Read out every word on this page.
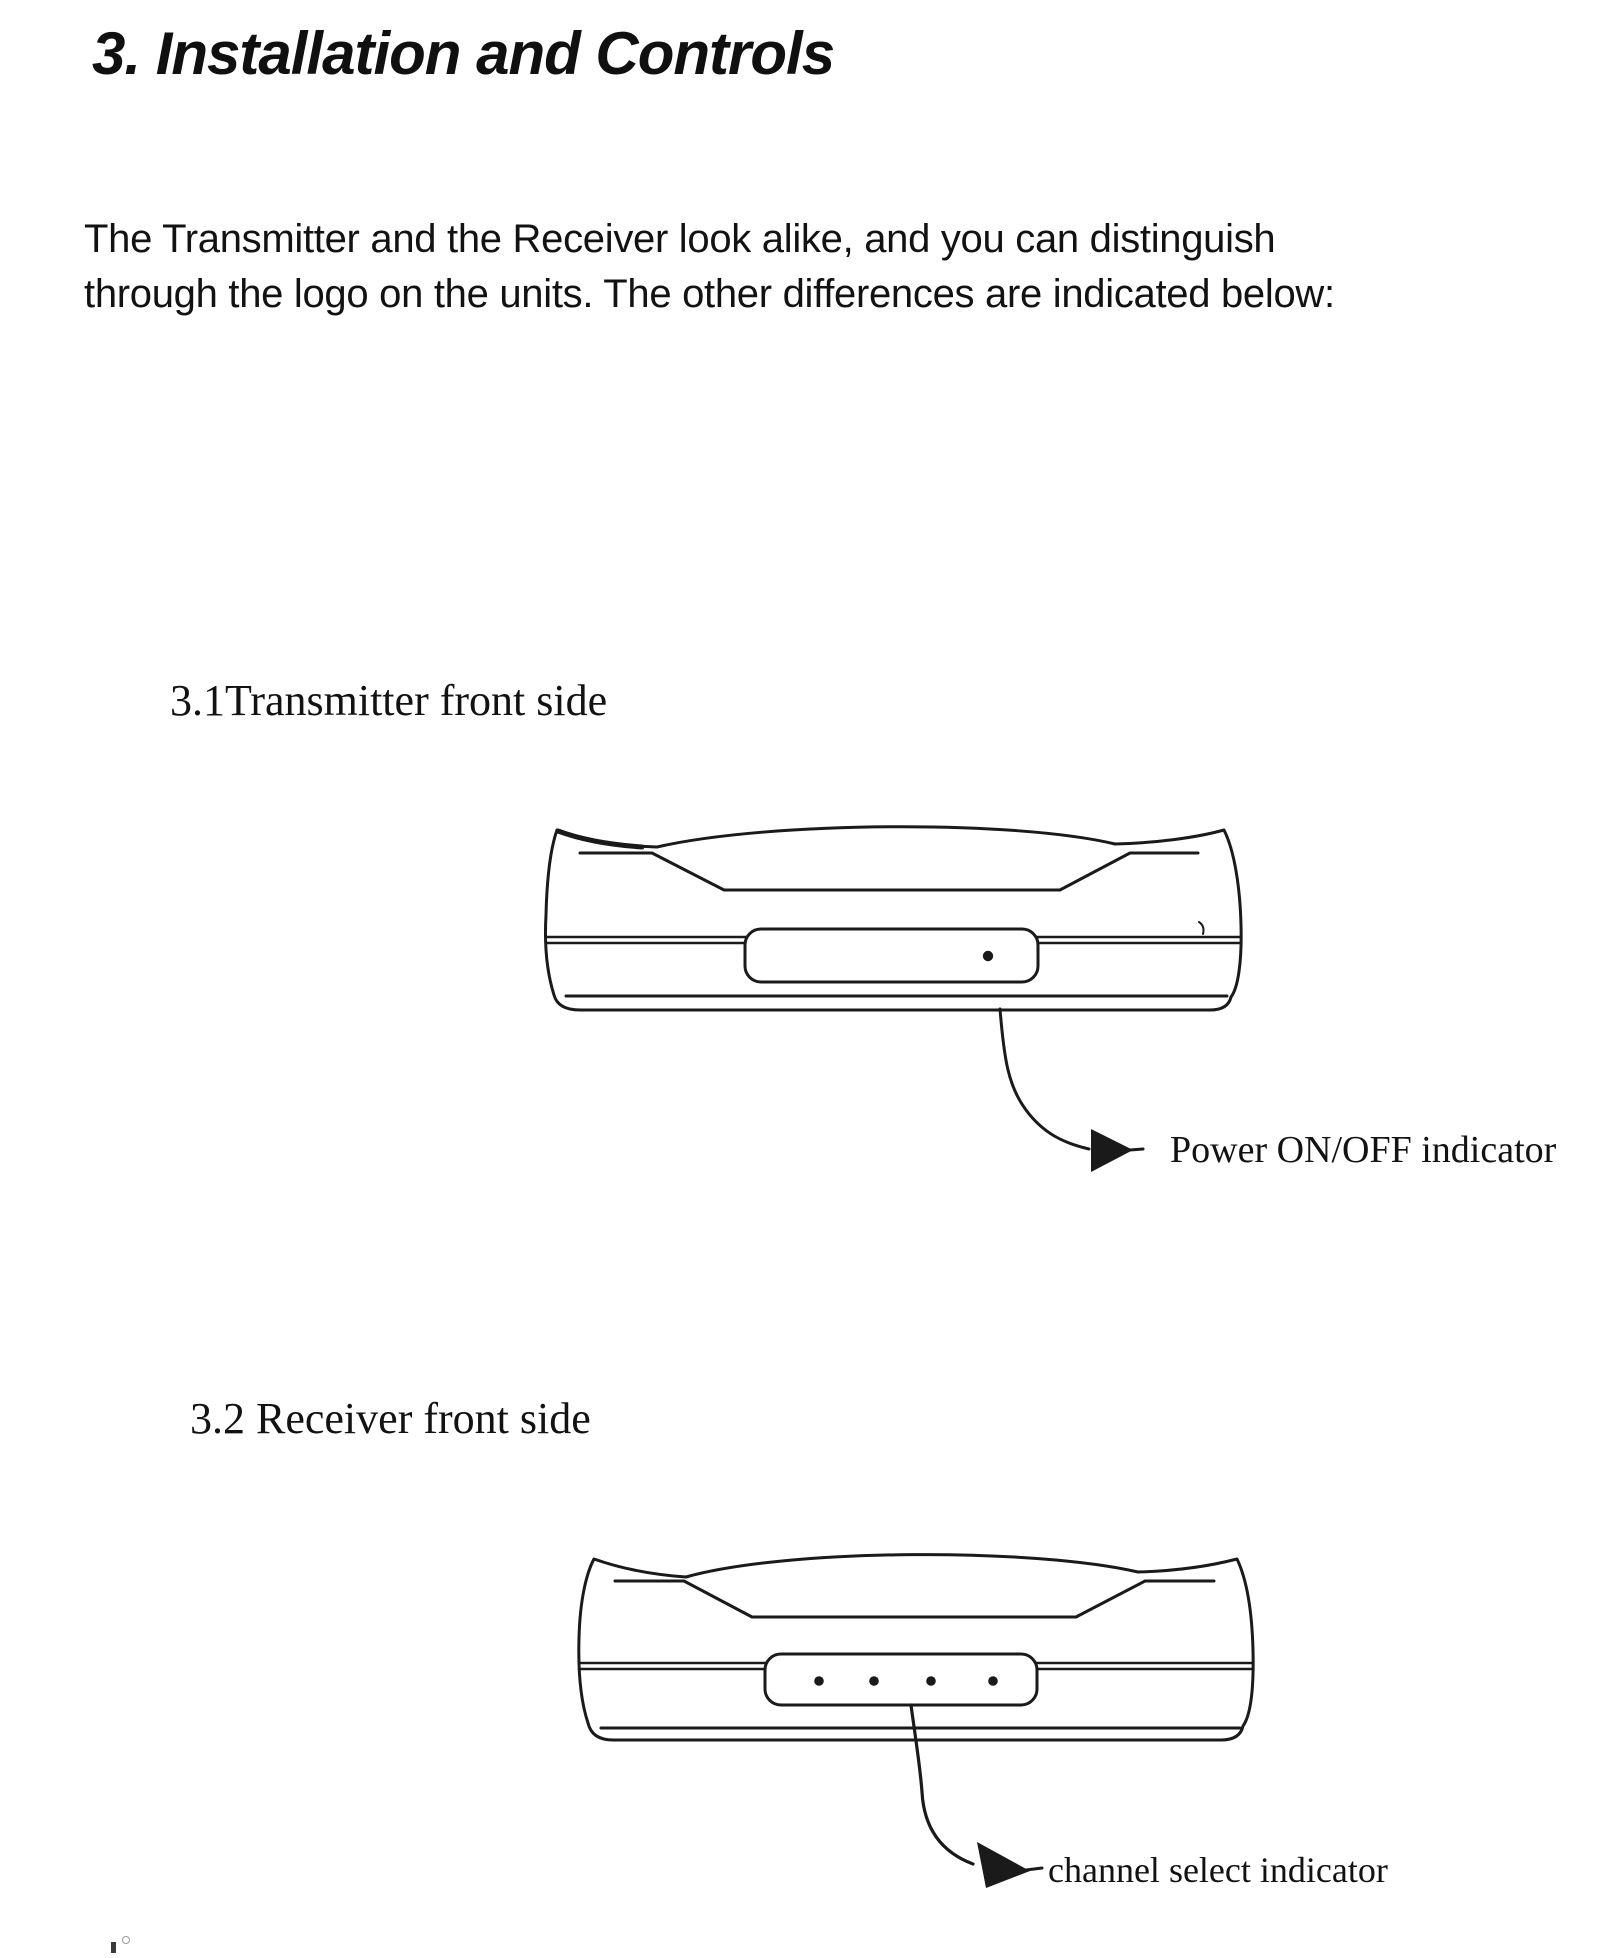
3. Installation and Controls
The Transmitter and the Receiver look alike, and you can distinguish
through the logo on the units. The other differences are indicated below:
3.1Transmitter front side
Power ON/OFF indicator
3.2 Receiver front side
channel select indicator
